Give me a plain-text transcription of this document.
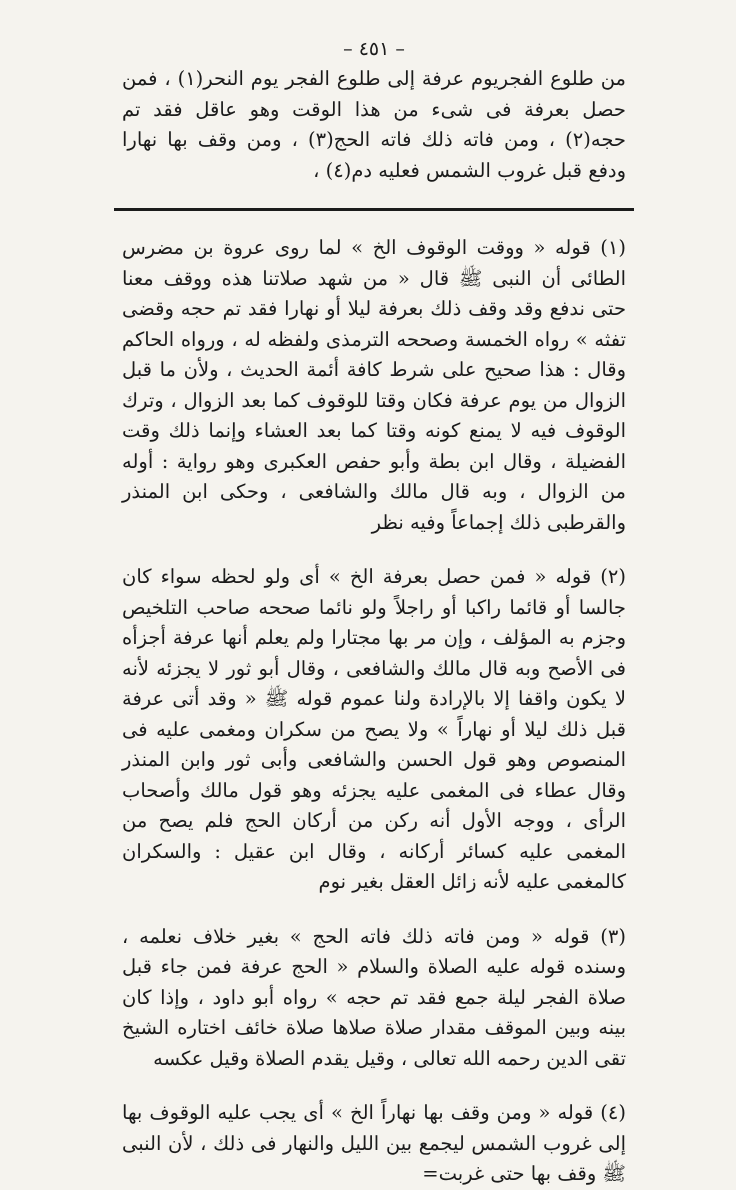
– ٤٥١ –

من طلوع الفجريوم عرفة إلى طلوع الفجر يوم النحر(١) ، فمن حصل بعرفة فى شىء من هذا الوقت وهو عاقل فقد تم حجه(٢) ، ومن فاته ذلك فاته الحج(٣) ، ومن وقف بها نهارا ودفع قبل غروب الشمس فعليه دم(٤) ،

(١) قوله « ووقت الوقوف الخ » لما روى عروة بن مضرس الطائى أن النبى ﷺ قال « من شهد صلاتنا هذه ووقف معنا حتى ندفع وقد وقف ذلك بعرفة ليلا أو نهارا فقد تم حجه وقضى تفثه » رواه الخمسة وصححه الترمذى ولفظه له ، ورواه الحاكم وقال : هذا صحيح على شرط كافة أئمة الحديث ، ولأن ما قبل الزوال من يوم عرفة فكان وقتا للوقوف كما بعد الزوال ، وترك الوقوف فيه لا يمنع كونه وقتا كما بعد العشاء وإنما ذلك وقت الفضيلة ، وقال ابن بطة وأبو حفص العكبرى وهو رواية : أوله من الزوال ، وبه قال مالك والشافعى ، وحكى ابن المنذر والقرطبى ذلك إجماعاً وفيه نظر

(٢) قوله « فمن حصل بعرفة الخ » أى ولو لحظه سواء كان جالسا أو قائما راكبا أو راجلاً ولو نائما صححه صاحب التلخيص وجزم به المؤلف ، وإن مر بها مجتارا ولم يعلم أنها عرفة أجزأه فى الأصح وبه قال مالك والشافعى ، وقال أبو ثور لا يجزئه لأنه لا يكون واقفا إلا بالإرادة ولنا عموم قوله ﷺ « وقد أتى عرفة قبل ذلك ليلا أو نهاراً » ولا يصح من سكران ومغمى عليه فى المنصوص وهو قول الحسن والشافعى وأبى ثور وابن المنذر وقال عطاء فى المغمى عليه يجزئه وهو قول مالك وأصحاب الرأى ، ووجه الأول أنه ركن من أركان الحج فلم يصح من المغمى عليه كسائر أركانه ، وقال ابن عقيل : والسكران كالمغمى عليه لأنه زائل العقل بغير نوم

(٣) قوله « ومن فاته ذلك فاته الحج » بغير خلاف نعلمه ، وسنده قوله عليه الصلاة والسلام « الحج عرفة فمن جاء قبل صلاة الفجر ليلة جمع فقد تم حجه » رواه أبو داود ، وإذا كان بينه وبين الموقف مقدار صلاة صلاها صلاة خائف اختاره الشيخ تقى الدين رحمه الله تعالى ، وقيل يقدم الصلاة وقيل عكسه

(٤) قوله « ومن وقف بها نهاراً الخ » أى يجب عليه الوقوف بها إلى غروب الشمس ليجمع بين الليل والنهار فى ذلك ، لأن النبى ﷺ وقف بها حتى غربت=
